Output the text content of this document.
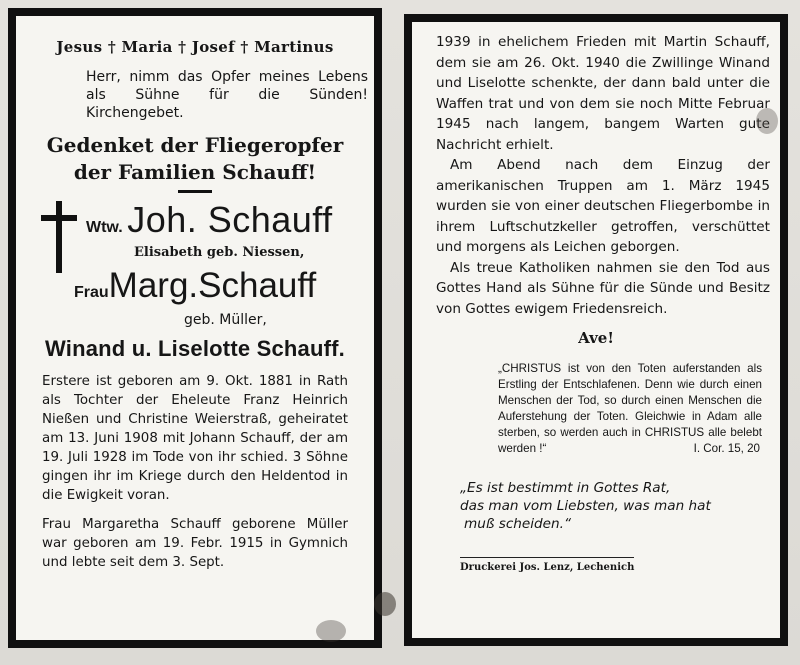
Jesus † Maria † Josef † Martinus
Herr, nimm das Opfer meines Lebens als Sühne für die Sünden! Kirchengebet.
Gedenket der Fliegeropfer
der Familien Schauff!
Wtw. Joh. Schauff
Elisabeth geb. Niessen,
FrauMarg.Schauff
geb. Müller,
Winand u. Liselotte Schauff.

Erstere ist geboren am 9. Okt. 1881 in Rath als Tochter der Eheleute Franz Heinrich Nießen und Christine Weierstraß, geheiratet am 13. Juni 1908 mit Johann Schauff, der am 19. Juli 1928 im Tode von ihr schied. 3 Söhne gingen ihr im Kriege durch den Heldentod in die Ewigkeit voran.

Frau Margaretha Schauff geborene Müller war geboren am 19. Febr. 1915 in Gymnich und lebte seit dem 3. Sept.

1939 in ehelichem Frieden mit Martin Schauff, dem sie am 26. Okt. 1940 die Zwillinge Winand und Liselotte schenkte, der dann bald unter die Waffen trat und von dem sie noch Mitte Februar 1945 nach langem, bangem Warten gute Nachricht erhielt.

Am Abend nach dem Einzug der amerikanischen Truppen am 1. März 1945 wurden sie von einer deutschen Fliegerbombe in ihrem Luftschutzkeller getroffen, verschüttet und morgens als Leichen geborgen.

Als treue Katholiken nahmen sie den Tod aus Gottes Hand als Sühne für die Sünde und Besitz von Gottes ewigem Friedensreich.

Ave!
„CHRISTUS ist von den Toten auferstanden als Erstling der Entschlafenen. Denn wie durch einen Menschen der Tod, so durch einen Menschen die Auferstehung der Toten. Gleichwie in Adam alle sterben, so werden auch in CHRISTUS alle belebt werden !“	I. Cor. 15, 20
„Es ist bestimmt in Gottes Rat,
das man vom Liebsten, was man hat
muß scheiden.“
Druckerei Jos. Lenz, Lechenich
